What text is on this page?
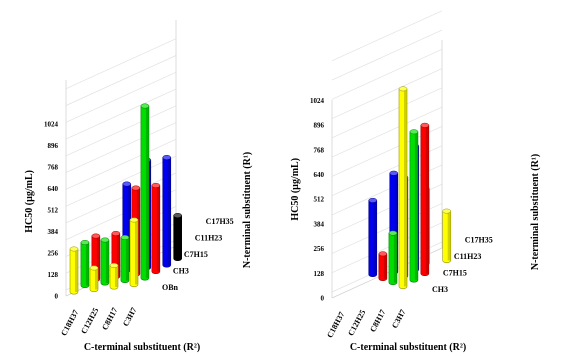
0
128
256
384
512
640
768
896
1024
HC50 (µg/mL)
OBn
CH3
C7H15
C11H23
C17H35
C18H37
C12H25 C8H17 C3H7
C-terminal substituent (R²)
N-terminal substituent (R¹)
0
128
256
384
512
640
768
896
1024
HC50 (µg/mL)
CH3
C7H15
C11H23
C17H35
C18H37 C12H25 C8H17 C3H7
C-terminal substituent (R²)
N-terminal substituent (R¹)
